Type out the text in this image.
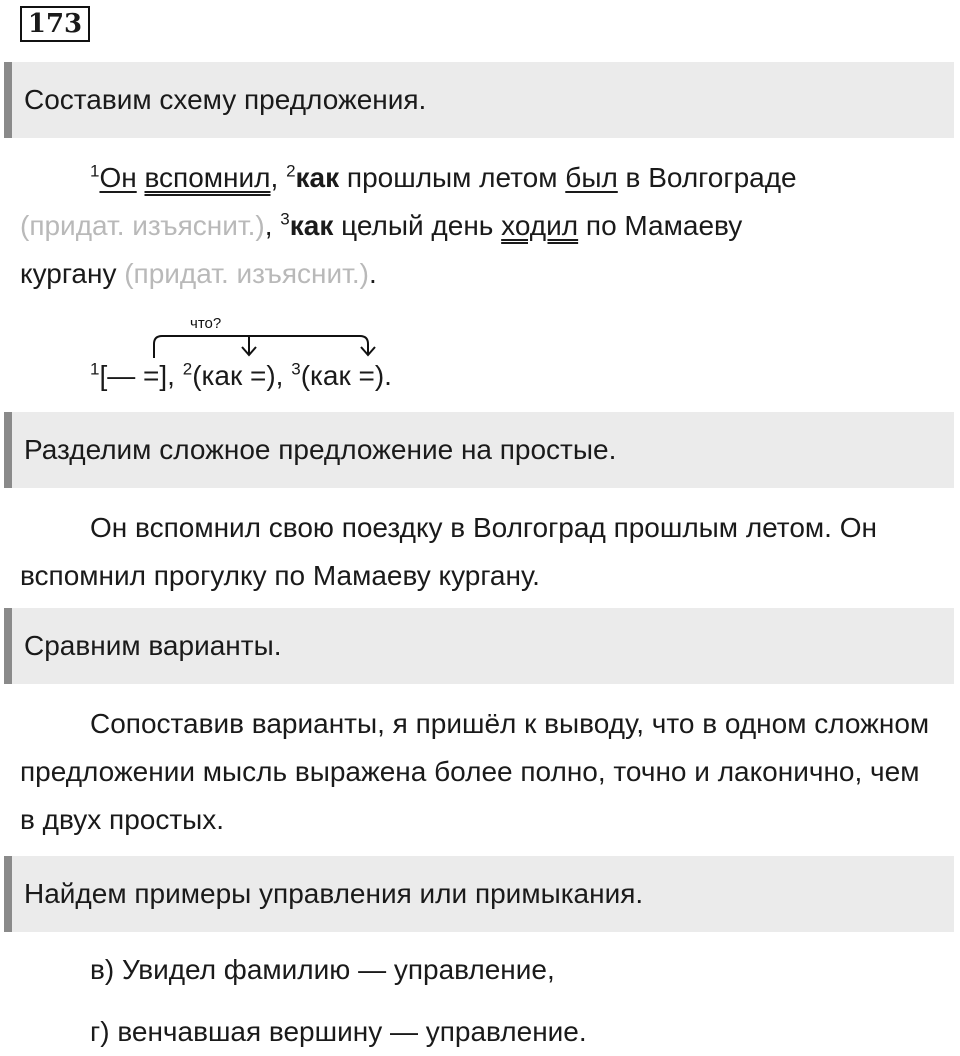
173
Составим схему предложения.
$^1$Он вспомнил, $^2$как прошлым летом был в Волгограде
(придат. изъяснит.), $^3$как целый день ходил по Мамаеву
кургану (придат. изъяснит.).
что?
$^1$[— =], $^2$(как =), $^3$(как =).
Разделим сложное предложение на простые.
Он вспомнил свою поездку в Волгоград прошлым летом. Он вспомнил прогулку по Мамаеву кургану.
Сравним варианты.
Сопоставив варианты, я пришёл к выводу, что в одном сложном предложении мысль выражена более полно, точно и лаконично, чем в двух простых.
Найдем примеры управления или примыкания.
в) Увидел фамилию — управление,
г) венчавшая вершину — управление.
